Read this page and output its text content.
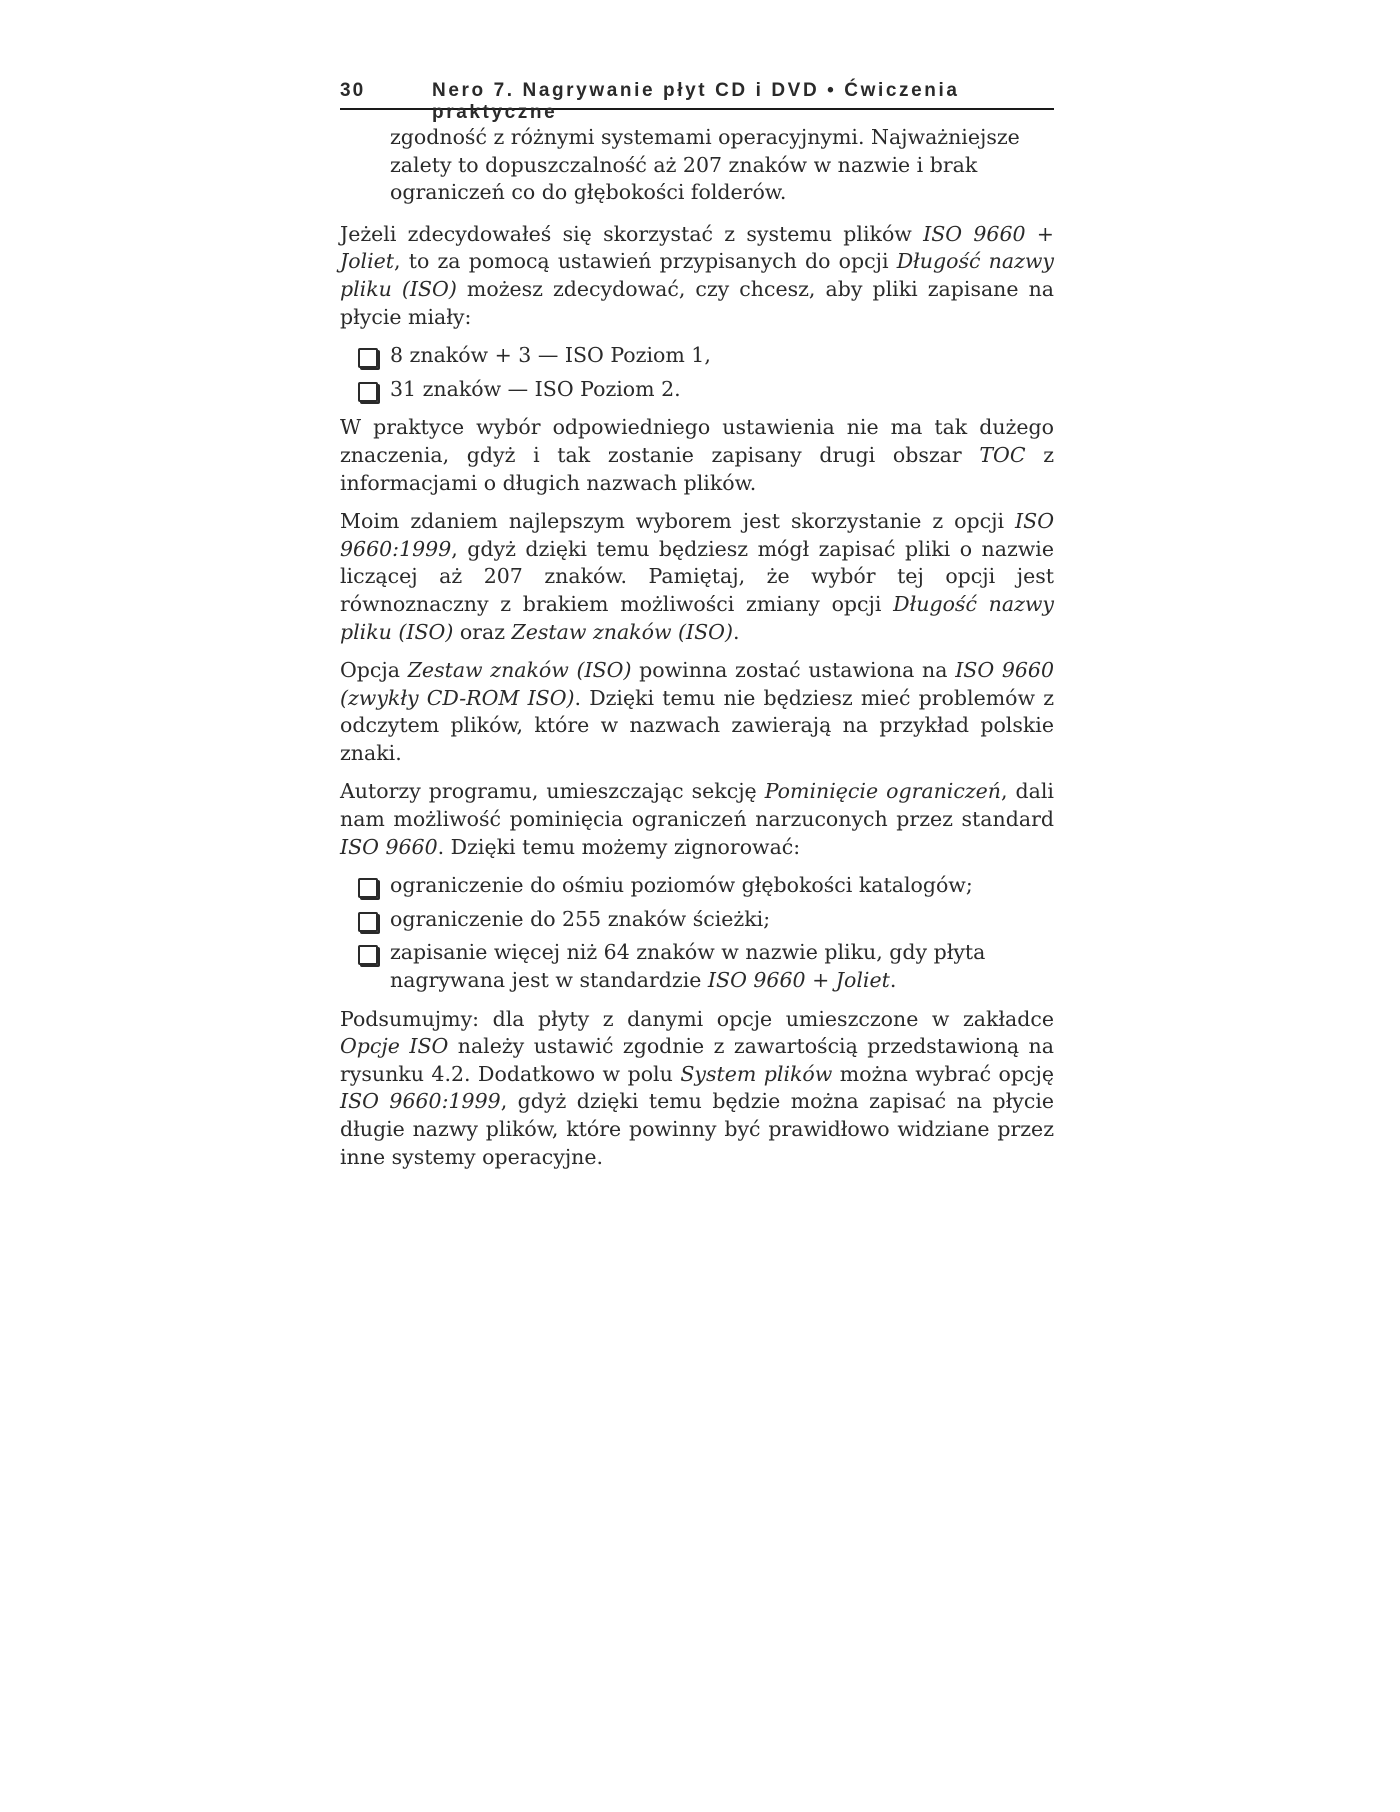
30	Nero 7. Nagrywanie płyt CD i DVD • Ćwiczenia praktyczne

zgodność z różnymi systemami operacyjnymi. Najważniejsze zalety to dopuszczalność aż 207 znaków w nazwie i brak ograniczeń co do głębokości folderów.

Jeżeli zdecydowałeś się skorzystać z systemu plików ISO 9660 + Joliet, to za pomocą ustawień przypisanych do opcji Długość nazwy pliku (ISO) możesz zdecydować, czy chcesz, aby pliki zapisane na płycie miały:

8 znaków + 3 — ISO Poziom 1,
31 znaków — ISO Poziom 2.

W praktyce wybór odpowiedniego ustawienia nie ma tak dużego znaczenia, gdyż i tak zostanie zapisany drugi obszar TOC z informacjami o długich nazwach plików.

Moim zdaniem najlepszym wyborem jest skorzystanie z opcji ISO 9660:1999, gdyż dzięki temu będziesz mógł zapisać pliki o nazwie liczącej aż 207 znaków. Pamiętaj, że wybór tej opcji jest równoznaczny z brakiem możliwości zmiany opcji Długość nazwy pliku (ISO) oraz Zestaw znaków (ISO).

Opcja Zestaw znaków (ISO) powinna zostać ustawiona na ISO 9660 (zwykły CD-ROM ISO). Dzięki temu nie będziesz mieć problemów z odczytem plików, które w nazwach zawierają na przykład polskie znaki.

Autorzy programu, umieszczając sekcję Pominięcie ograniczeń, dali nam możliwość pominięcia ograniczeń narzuconych przez standard ISO 9660. Dzięki temu możemy zignorować:

ograniczenie do ośmiu poziomów głębokości katalogów;
ograniczenie do 255 znaków ścieżki;
zapisanie więcej niż 64 znaków w nazwie pliku, gdy płyta nagrywana jest w standardzie ISO 9660 + Joliet.

Podsumujmy: dla płyty z danymi opcje umieszczone w zakładce Opcje ISO należy ustawić zgodnie z zawartością przedstawioną na rysunku 4.2. Dodatkowo w polu System plików można wybrać opcję ISO 9660:1999, gdyż dzięki temu będzie można zapisać na płycie długie nazwy plików, które powinny być prawidłowo widziane przez inne systemy operacyjne.
